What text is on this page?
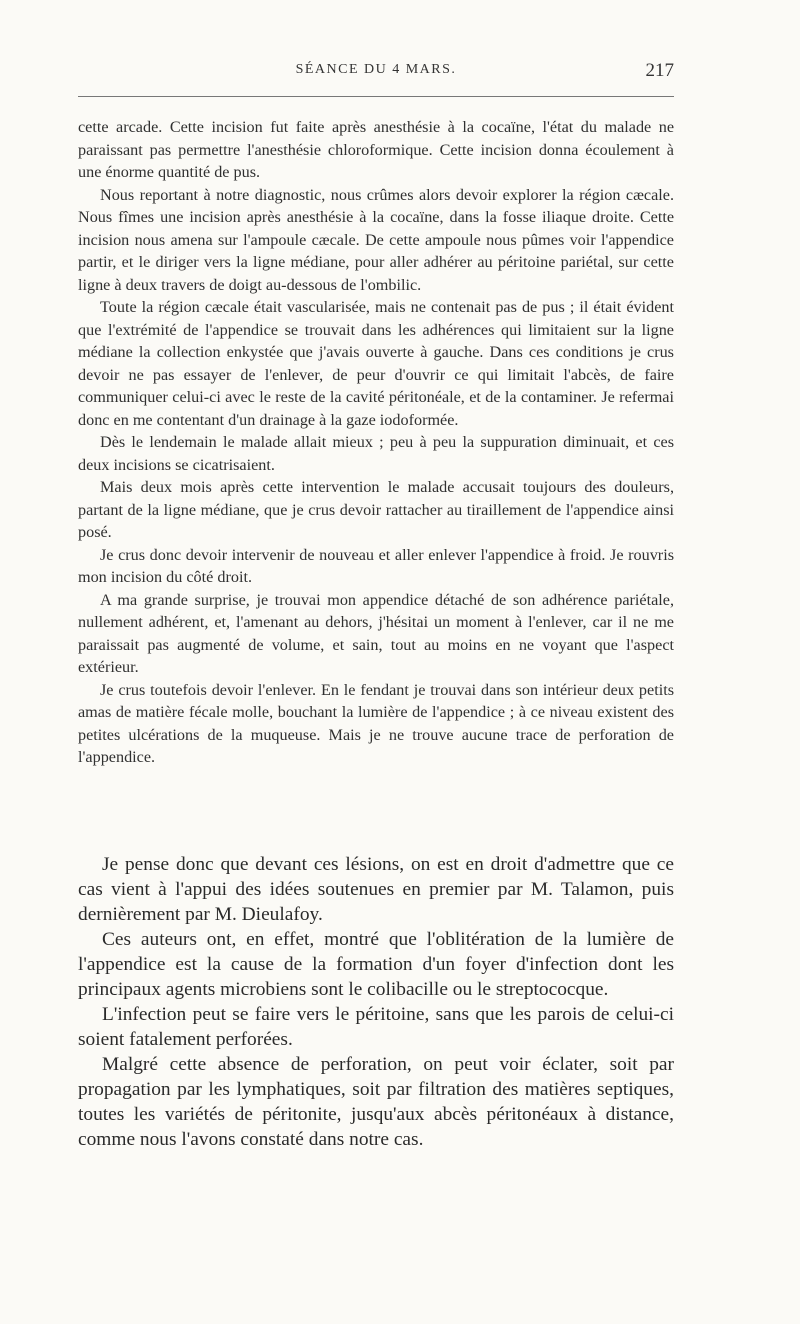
SÉANCE DU 4 MARS.	217

cette arcade. Cette incision fut faite après anesthésie à la cocaïne, l'état du malade ne paraissant pas permettre l'anesthésie chloroformique. Cette incision donna écoulement à une énorme quantité de pus.

Nous reportant à notre diagnostic, nous crûmes alors devoir explorer la région cæcale. Nous fîmes une incision après anesthésie à la cocaïne, dans la fosse iliaque droite. Cette incision nous amena sur l'ampoule cæcale. De cette ampoule nous pûmes voir l'appendice partir, et le diriger vers la ligne médiane, pour aller adhérer au péritoine pariétal, sur cette ligne à deux travers de doigt au-dessous de l'ombilic.

Toute la région cæcale était vascularisée, mais ne contenait pas de pus ; il était évident que l'extrémité de l'appendice se trouvait dans les adhérences qui limitaient sur la ligne médiane la collection enkystée que j'avais ouverte à gauche. Dans ces conditions je crus devoir ne pas essayer de l'enlever, de peur d'ouvrir ce qui limitait l'abcès, de faire communiquer celui-ci avec le reste de la cavité péritonéale, et de la contaminer. Je refermai donc en me contentant d'un drainage à la gaze iodoformée.

Dès le lendemain le malade allait mieux ; peu à peu la suppuration diminuait, et ces deux incisions se cicatrisaient.

Mais deux mois après cette intervention le malade accusait toujours des douleurs, partant de la ligne médiane, que je crus devoir rattacher au tiraillement de l'appendice ainsi posé.

Je crus donc devoir intervenir de nouveau et aller enlever l'appendice à froid. Je rouvris mon incision du côté droit.

A ma grande surprise, je trouvai mon appendice détaché de son adhérence pariétale, nullement adhérent, et, l'amenant au dehors, j'hésitai un moment à l'enlever, car il ne me paraissait pas augmenté de volume, et sain, tout au moins en ne voyant que l'aspect extérieur.

Je crus toutefois devoir l'enlever. En le fendant je trouvai dans son intérieur deux petits amas de matière fécale molle, bouchant la lumière de l'appendice ; à ce niveau existent des petites ulcérations de la muqueuse. Mais je ne trouve aucune trace de perforation de l'appendice.

Je pense donc que devant ces lésions, on est en droit d'admettre que ce cas vient à l'appui des idées soutenues en premier par M. Talamon, puis dernièrement par M. Dieulafoy.

Ces auteurs ont, en effet, montré que l'oblitération de la lumière de l'appendice est la cause de la formation d'un foyer d'infection dont les principaux agents microbiens sont le colibacille ou le streptococque.

L'infection peut se faire vers le péritoine, sans que les parois de celui-ci soient fatalement perforées.

Malgré cette absence de perforation, on peut voir éclater, soit par propagation par les lymphatiques, soit par filtration des matières septiques, toutes les variétés de péritonite, jusqu'aux abcès péritonéaux à distance, comme nous l'avons constaté dans notre cas.
